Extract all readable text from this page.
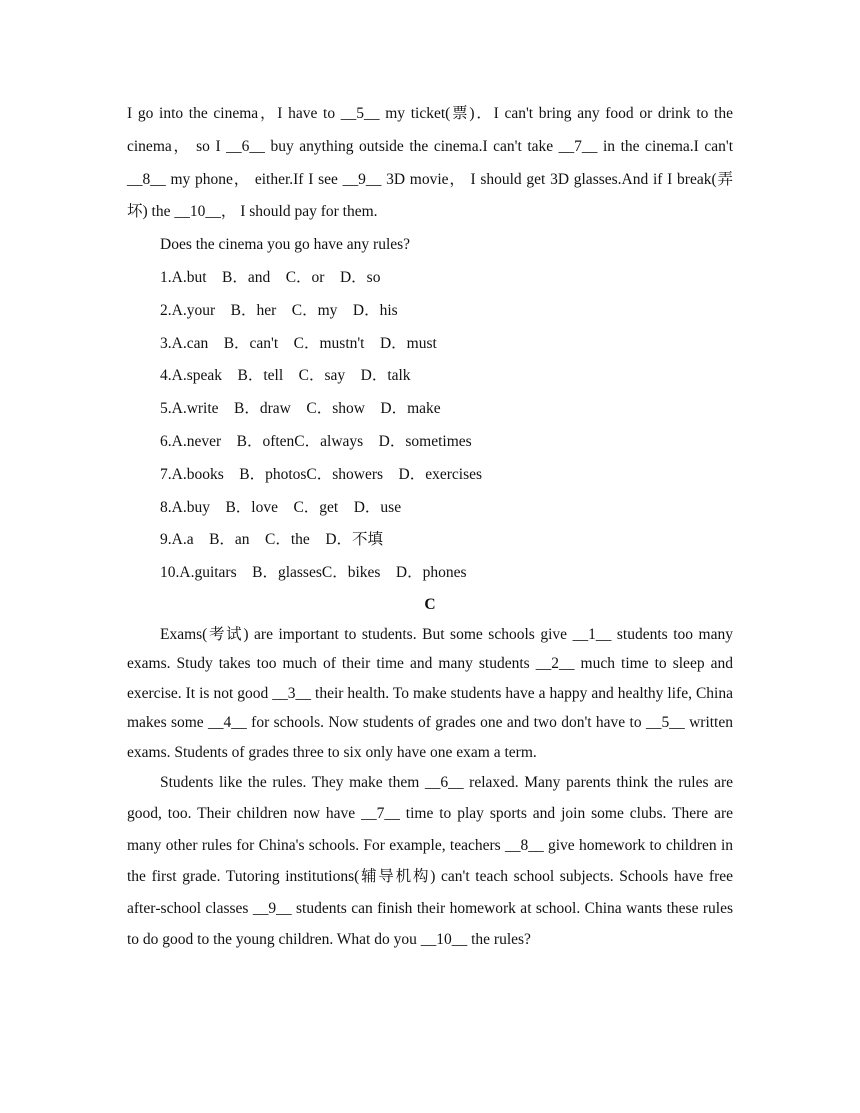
I go into the cinema，I have to __5__ my ticket(票)．I can't bring any food or drink to the cinema， so I __6__ buy anything outside the cinema.I can't take __7__ in the cinema.I can't __8__ my phone， either.If I see __9__ 3D movie， I should get 3D glasses.And if I break(弄坏) the __10__， I should pay for them.

Does the cinema you go have any rules?

1.A.but    B．and    C．or    D．so
2.A.your    B．her    C．my    D．his
3.A.can    B．can't    C．mustn't    D．must
4.A.speak    B．tell    C．say    D．talk
5.A.write    B．draw    C．show    D．make
6.A.never    B．oftenC．always    D．sometimes
7.A.books    B．photosC．showers    D．exercises
8.A.buy    B．love    C．get    D．use
9.A.a    B．an    C．the    D．不填
10.A.guitars    B．glassesC．bikes    D．phones

C

Exams(考试) are important to students. But some schools give __1__ students too many exams. Study takes too much of their time and many students __2__ much time to sleep and exercise. It is not good __3__ their health. To make students have a happy and healthy life, China makes some __4__ for schools. Now students of grades one and two don't have to __5__ written exams. Students of grades three to six only have one exam a term.

Students like the rules. They make them __6__ relaxed. Many parents think the rules are good, too. Their children now have __7__ time to play sports and join some clubs. There are many other rules for China's schools. For example, teachers __8__ give homework to children in the first grade. Tutoring institutions(辅导机构) can't teach school subjects. Schools have free after‑school classes __9__ students can finish their homework at school. China wants these rules to do good to the young children. What do you __10__ the rules?
